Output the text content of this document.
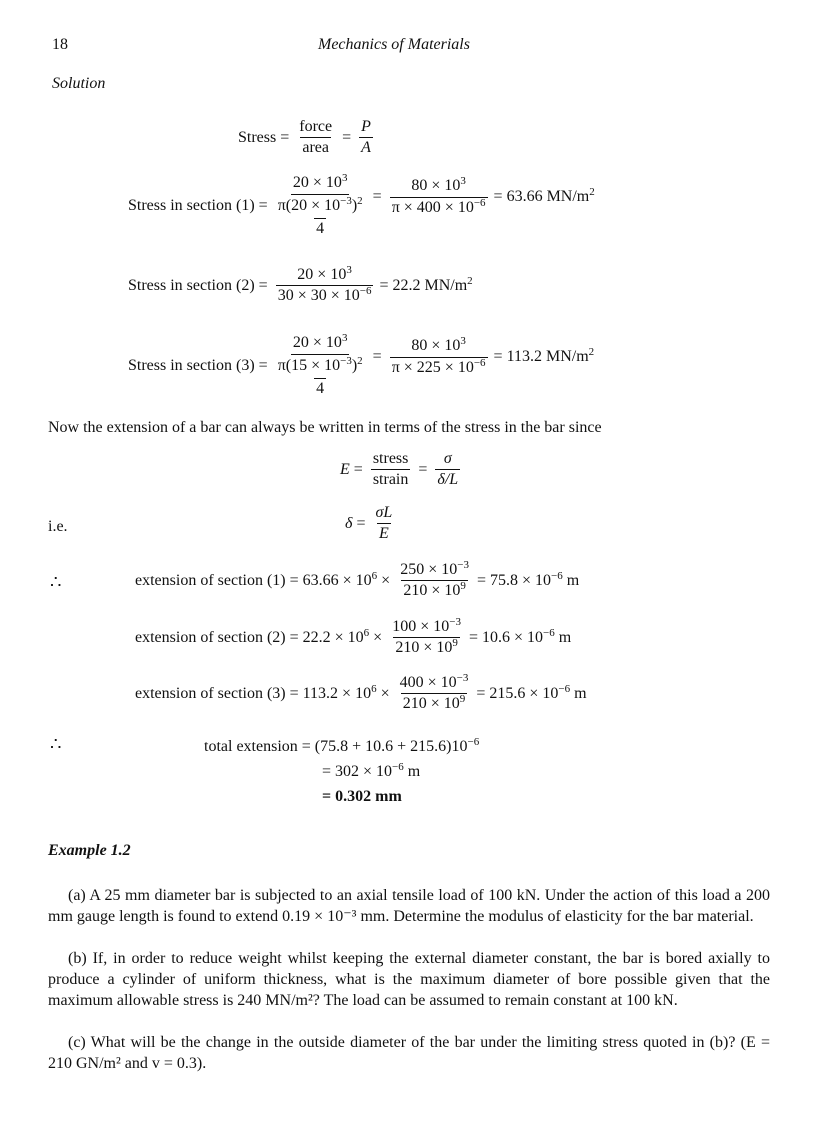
18	Mechanics of Materials
Solution
Stress = $\frac{\text{force}}{\text{area}} = \frac{P}{A}$
Stress in section (1) =
$20 \times 10^3$
$\pi(20 \times 10^{-3})^2$
4
= $\frac{80 \times 10^3}{\pi \times 400 \times 10^{-6}} = 63.66$ $MN/m^2$
Stress in section $(2) = \frac{20 \times 10^3}{30 \times 30 \times 10^{-6}} = 22.2$ $MN/m^2$
Stress in section (3) =
$20 \times 10^3$
$\pi(15 \times 10^{-3})^2$
4
= $\frac{80 \times 10^3}{\pi \times 225 \times 10^{-6}} = 113.2$ $MN/m^2$
Now the extension of a bar can always be written in terms of the stress in the bar since
$E = \frac{\text{stress}}{\text{strain}} = \frac{\sigma}{\delta/L}$
i.e.	$\delta = \frac{\sigma L}{E}$
∴	extension of section $(1) = 63.66 \times 10^6 \times \frac{250 \times 10^{-3}}{210 \times 10^9} = 75.8 \times 10^{-6}$ m
extension of section $(2) = 22.2 \times 10^6 \times \frac{100 \times 10^{-3}}{210 \times 10^9} = 10.6 \times 10^{-6}$ m
extension of section $(3) = 113.2 \times 10^6 \times \frac{400 \times 10^{-3}}{210 \times 10^9} = 215.6 \times 10^{-6}$ m
∴	total extension = $(75.8 + 10.6 + 215.6)10^{-6}$
= $302 \times 10^{-6}$ m
= 0.302 mm
Example 1.2
(a) A 25 mm diameter bar is subjected to an axial tensile load of 100 kN. Under the action of this load a 200 mm gauge length is found to extend 0.19 × 10⁻³ mm. Determine the modulus of elasticity for the bar material.
(b) If, in order to reduce weight whilst keeping the external diameter constant, the bar is bored axially to produce a cylinder of uniform thickness, what is the maximum diameter of bore possible given that the maximum allowable stress is 240 MN/m²? The load can be assumed to remain constant at 100 kN.
(c) What will be the change in the outside diameter of the bar under the limiting stress quoted in (b)? (E = 210 GN/m² and v = 0.3).
